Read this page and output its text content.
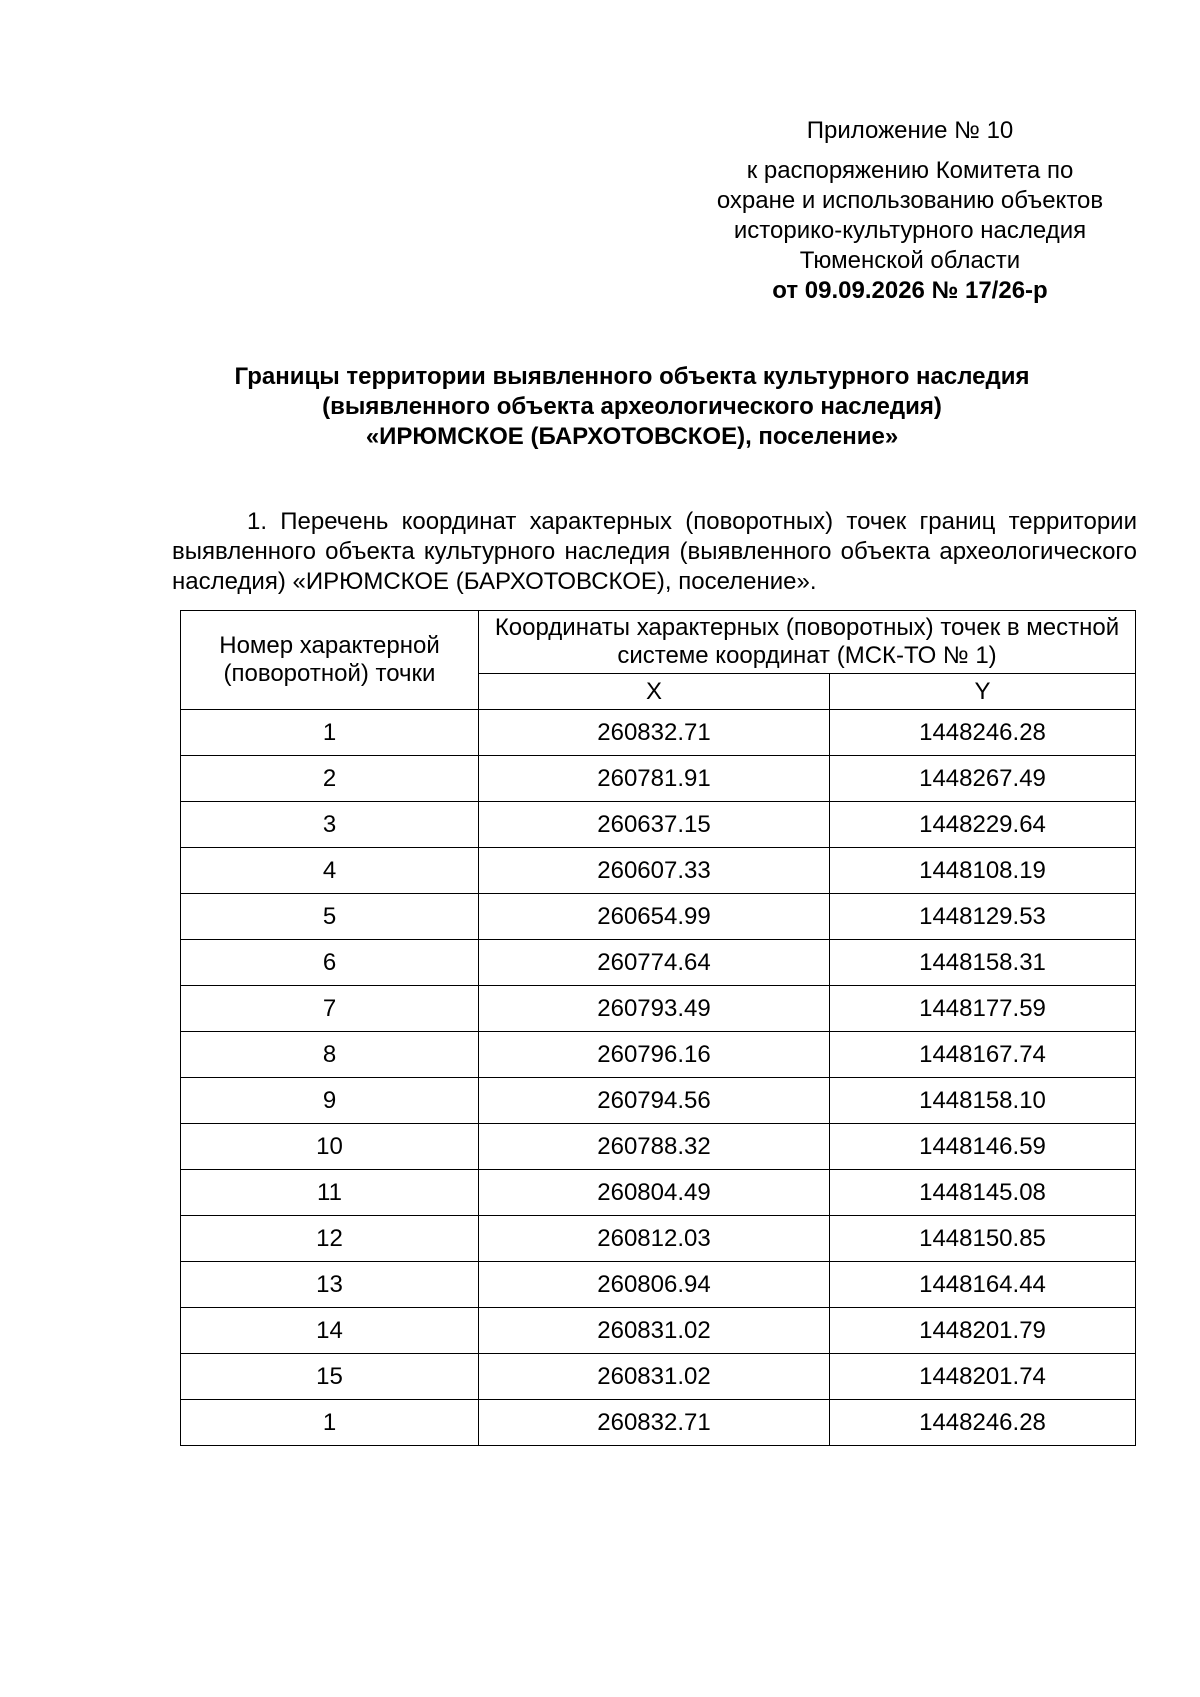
Приложение № 10
к распоряжению Комитета по
охране и использованию объектов
историко-культурного наследия
Тюменской области
от 09.09.2026 № 17/26-р
Границы территории выявленного объекта культурного наследия
(выявленного объекта археологического наследия)
«ИРЮМСКОЕ (БАРХОТОВСКОЕ), поселение»
1. Перечень координат характерных (поворотных) точек границ территории выявленного объекта культурного наследия (выявленного объекта археологического наследия) «ИРЮМСКОЕ (БАРХОТОВСКОЕ), поселение».
Номер характерной (поворотной) точки	Координаты характерных (поворотных) точек в местной системе координат (МСК-ТО № 1)	
	X	Y
1	260832.71	1448246.28
2	260781.91	1448267.49
3	260637.15	1448229.64
4	260607.33	1448108.19
5	260654.99	1448129.53
6	260774.64	1448158.31
7	260793.49	1448177.59
8	260796.16	1448167.74
9	260794.56	1448158.10
10	260788.32	1448146.59
11	260804.49	1448145.08
12	260812.03	1448150.85
13	260806.94	1448164.44
14	260831.02	1448201.79
15	260831.02	1448201.74
1	260832.71	1448246.28
